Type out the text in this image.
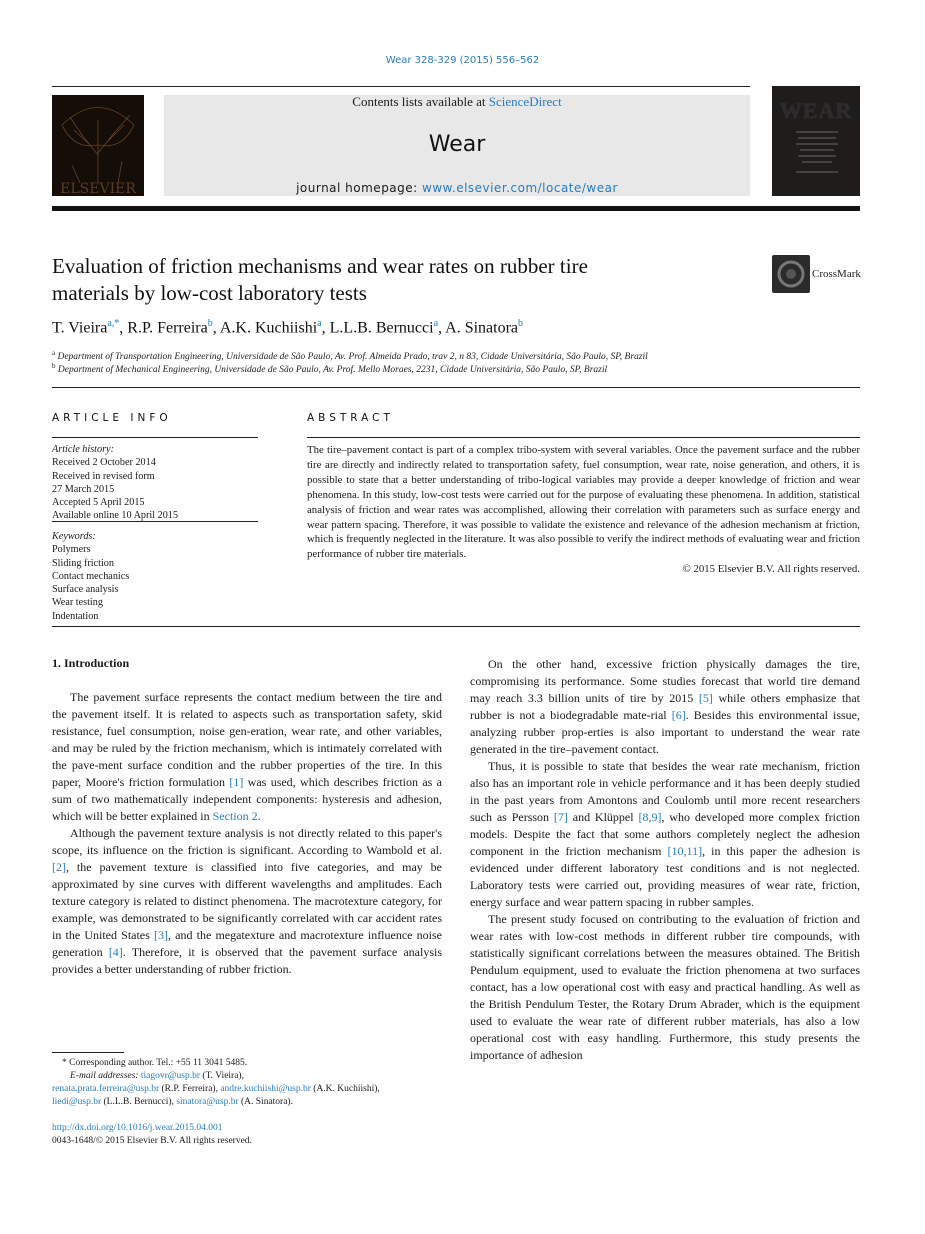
Wear 328-329 (2015) 556–562
ELSEVIER
Contents lists available at ScienceDirect
Wear
journal homepage: www.elsevier.com/locate/wear
WEAR
Evaluation of friction mechanisms and wear rates on rubber tire
materials by low-cost laboratory tests
CrossMark
T. Vieira$^{a,*}$, R.P. Ferreira$^b$, A.K. Kuchiishi$^a$, L.L.B. Bernucci$^a$, A. Sinatora$^b$
$^a$ Department of Transportation Engineering, Universidade de São Paulo, Av. Prof. Almeida Prado, trav 2, n 83, Cidade Universitária, São Paulo, SP, Brazil
$^b$ Department of Mechanical Engineering, Universidade de São Paulo, Av. Prof. Mello Moraes, 2231, Cidade Universitária, São Paulo, SP, Brazil
ARTICLE INFO
Article history:
Received 2 October 2014
Received in revised form
27 March 2015
Accepted 5 April 2015
Available online 10 April 2015
Keywords:
Polymers
Sliding friction
Contact mechanics
Surface analysis
Wear testing
Indentation
ABSTRACT
The tire–pavement contact is part of a complex tribo-system with several variables. Once the pavement surface and the rubber tire are directly and indirectly related to transportation safety, fuel consumption, wear rate, noise generation, and others, it is possible to state that a better understanding of tribo-logical variables may provide a deeper knowledge of friction and wear phenomena. In this study, low-cost tests were carried out for the purpose of evaluating these phenomena. In addition, statistical analysis of friction and wear rates was accomplished, allowing their correlation with parameters such as surface energy and wear pattern spacing. Therefore, it was possible to validate the existence and relevance of the adhesion mechanism at friction, which is frequently neglected in the literature. It was also possible to verify the indirect methods of evaluating wear and friction performance of rubber tire materials.
© 2015 Elsevier B.V. All rights reserved.
1. Introduction

The pavement surface represents the contact medium between the tire and the pavement itself. It is related to aspects such as transportation safety, skid resistance, fuel consumption, noise gen-eration, wear rate, and other variables, and may be ruled by the friction mechanism, which is intimately correlated with the pave-ment surface condition and the rubber properties of the tire. In this paper, Moore's friction formulation [1] was used, which describes friction as a sum of two mathematically independent components: hysteresis and adhesion, which will be better explained in Section 2.

Although the pavement texture analysis is not directly related to this paper's scope, its influence on the friction is significant. According to Wambold et al. [2], the pavement texture is classified into five categories, and may be approximated by sine curves with different wavelengths and amplitudes. Each texture category is related to distinct phenomena. The macrotexture category, for example, was demonstrated to be significantly correlated with car accident rates in the United States [3], and the megatexture and macrotexture influence noise generation [4]. Therefore, it is observed that the pavement surface analysis provides a better understanding of rubber friction.

On the other hand, excessive friction physically damages the tire, compromising its performance. Some studies forecast that world tire demand may reach 3.3 billion units of tire by 2015 [5] while others emphasize that rubber is not a biodegradable mate-rial [6]. Besides this environmental issue, analyzing rubber prop-erties is also important to understand the wear rate generated in the tire–pavement contact.

Thus, it is possible to state that besides the wear rate mechanism, friction also has an important role in vehicle performance and it has been deeply studied in the past years from Amontons and Coulomb until more recent researchers such as Persson [7] and Klüppel [8,9], who developed more complex friction models. Despite the fact that some authors completely neglect the adhesion component in the friction mechanism [10,11], in this paper the adhesion is evidenced under different laboratory test conditions and is not neglected. Laboratory tests were carried out, providing measures of wear rate, friction, energy surface and wear pattern spacing in rubber samples.

The present study focused on contributing to the evaluation of friction and wear rates with low-cost methods in different rubber tire compounds, with statistically significant correlations between the measures obtained. The British Pendulum equipment, used to evaluate the friction phenomena at two surfaces contact, has a low operational cost with easy and practical handling. As well as the British Pendulum Tester, the Rotary Drum Abrader, which is the equipment used to evaluate the wear rate of different rubber materials, has also a low operational cost with easy handling. Furthermore, this study presents the importance of adhesion

* Corresponding author. Tel.: +55 11 3041 5485.
E-mail addresses: tiagovr@usp.br (T. Vieira),
renata.prata.ferreira@usp.br (R.P. Ferreira), andre.kuchiishi@usp.br (A.K. Kuchiishi),
liedi@usp.br (L.L.B. Bernucci), sinatora@usp.br (A. Sinatora).
http://dx.doi.org/10.1016/j.wear.2015.04.001
0043-1648/© 2015 Elsevier B.V. All rights reserved.
